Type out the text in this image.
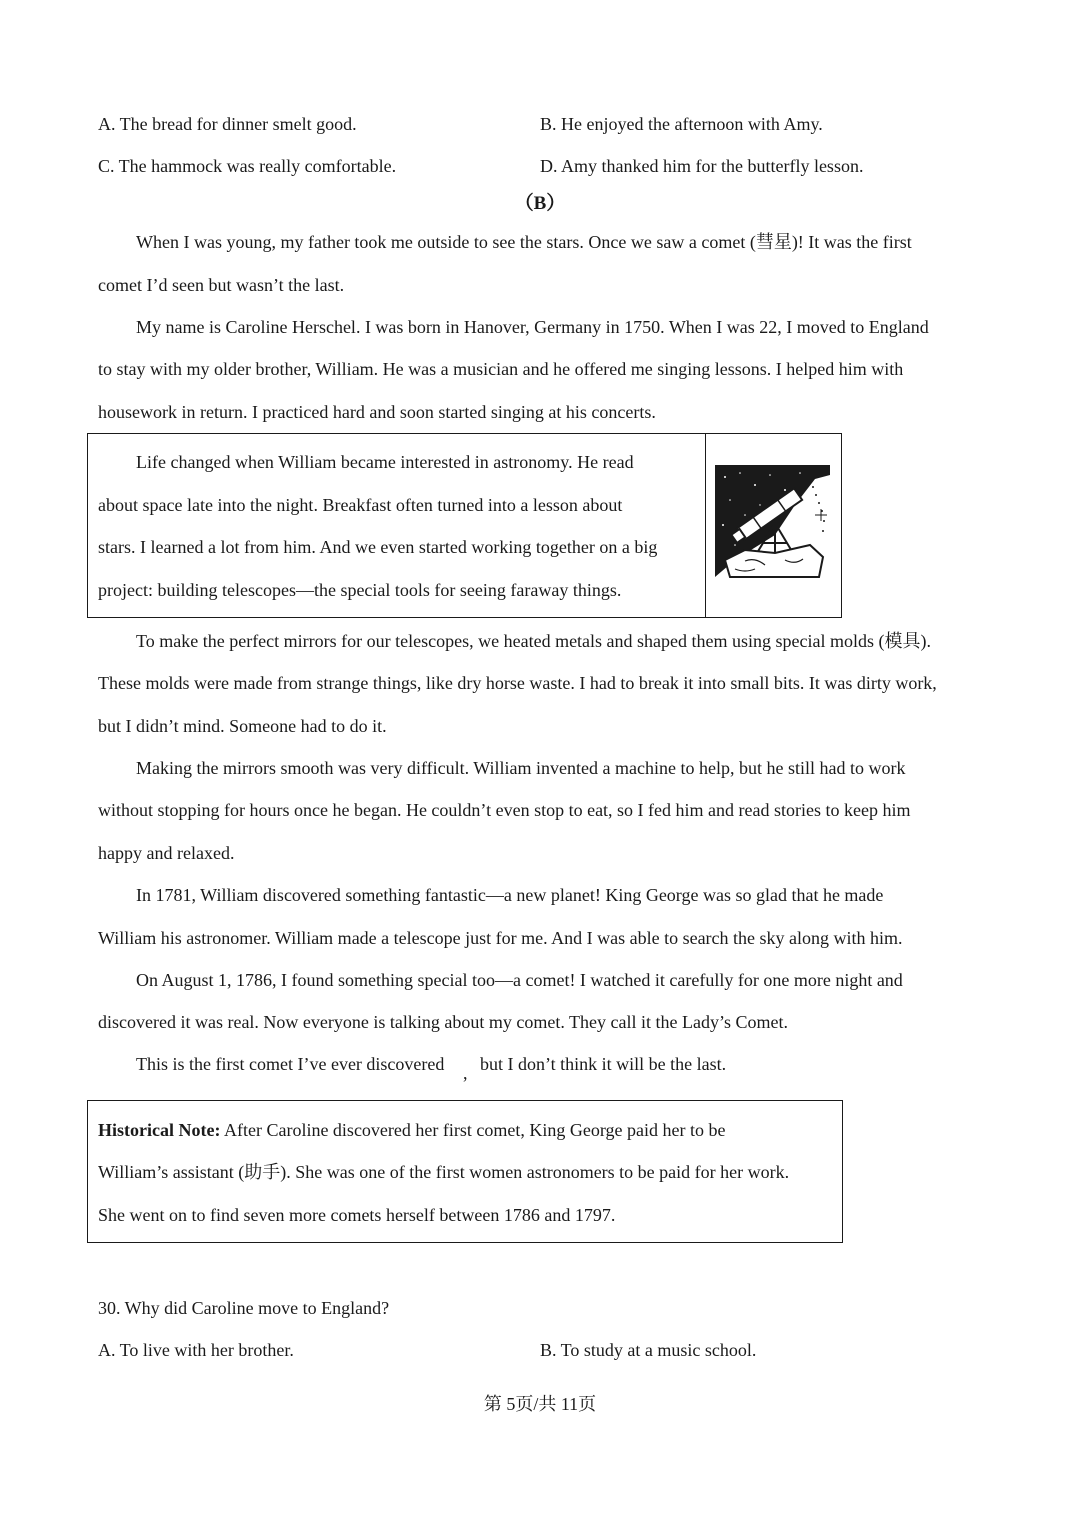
A. The bread for dinner smelt good.	B. He enjoyed the afternoon with Amy.
C. The hammock was really comfortable.	D. Amy thanked him for the butterfly lesson.
（B）
When I was young, my father took me outside to see the stars. Once we saw a comet (彗星)! It was the first
comet I’d seen but wasn’t the last.
My name is Caroline Herschel. I was born in Hanover, Germany in 1750. When I was 22, I moved to England
to stay with my older brother, William. He was a musician and he offered me singing lessons. I helped him with
housework in return. I practiced hard and soon started singing at his concerts.
Life changed when William became interested in astronomy. He read
about space late into the night. Breakfast often turned into a lesson about
stars. I learned a lot from him. And we even started working together on a big
project: building telescopes—the special tools for seeing faraway things.
To make the perfect mirrors for our telescopes, we heated metals and shaped them using special molds (模具).
These molds were made from strange things, like dry horse waste. I had to break it into small bits. It was dirty work,
but I didn’t mind. Someone had to do it.
Making the mirrors smooth was very difficult. William invented a machine to help, but he still had to work
without stopping for hours once he began. He couldn’t even stop to eat, so I fed him and read stories to keep him
happy and relaxed.
In 1781, William discovered something fantastic—a new planet! King George was so glad that he made
William his astronomer. William made a telescope just for me. And I was able to search the sky along with him.
On August 1, 1786, I found something special too—a comet! I watched it carefully for one more night and
discovered it was real. Now everyone is talking about my comet. They call it the Lady’s Comet.
This is the first comet I’ve ever discovered , but I don’t think it will be the last.
Historical Note: After Caroline discovered her first comet, King George paid her to be
William’s assistant (助手). She was one of the first women astronomers to be paid for her work.
She went on to find seven more comets herself between 1786 and 1797.
30. Why did Caroline move to England?
A. To live with her brother.	B. To study at a music school.
第 5页/共 11页
